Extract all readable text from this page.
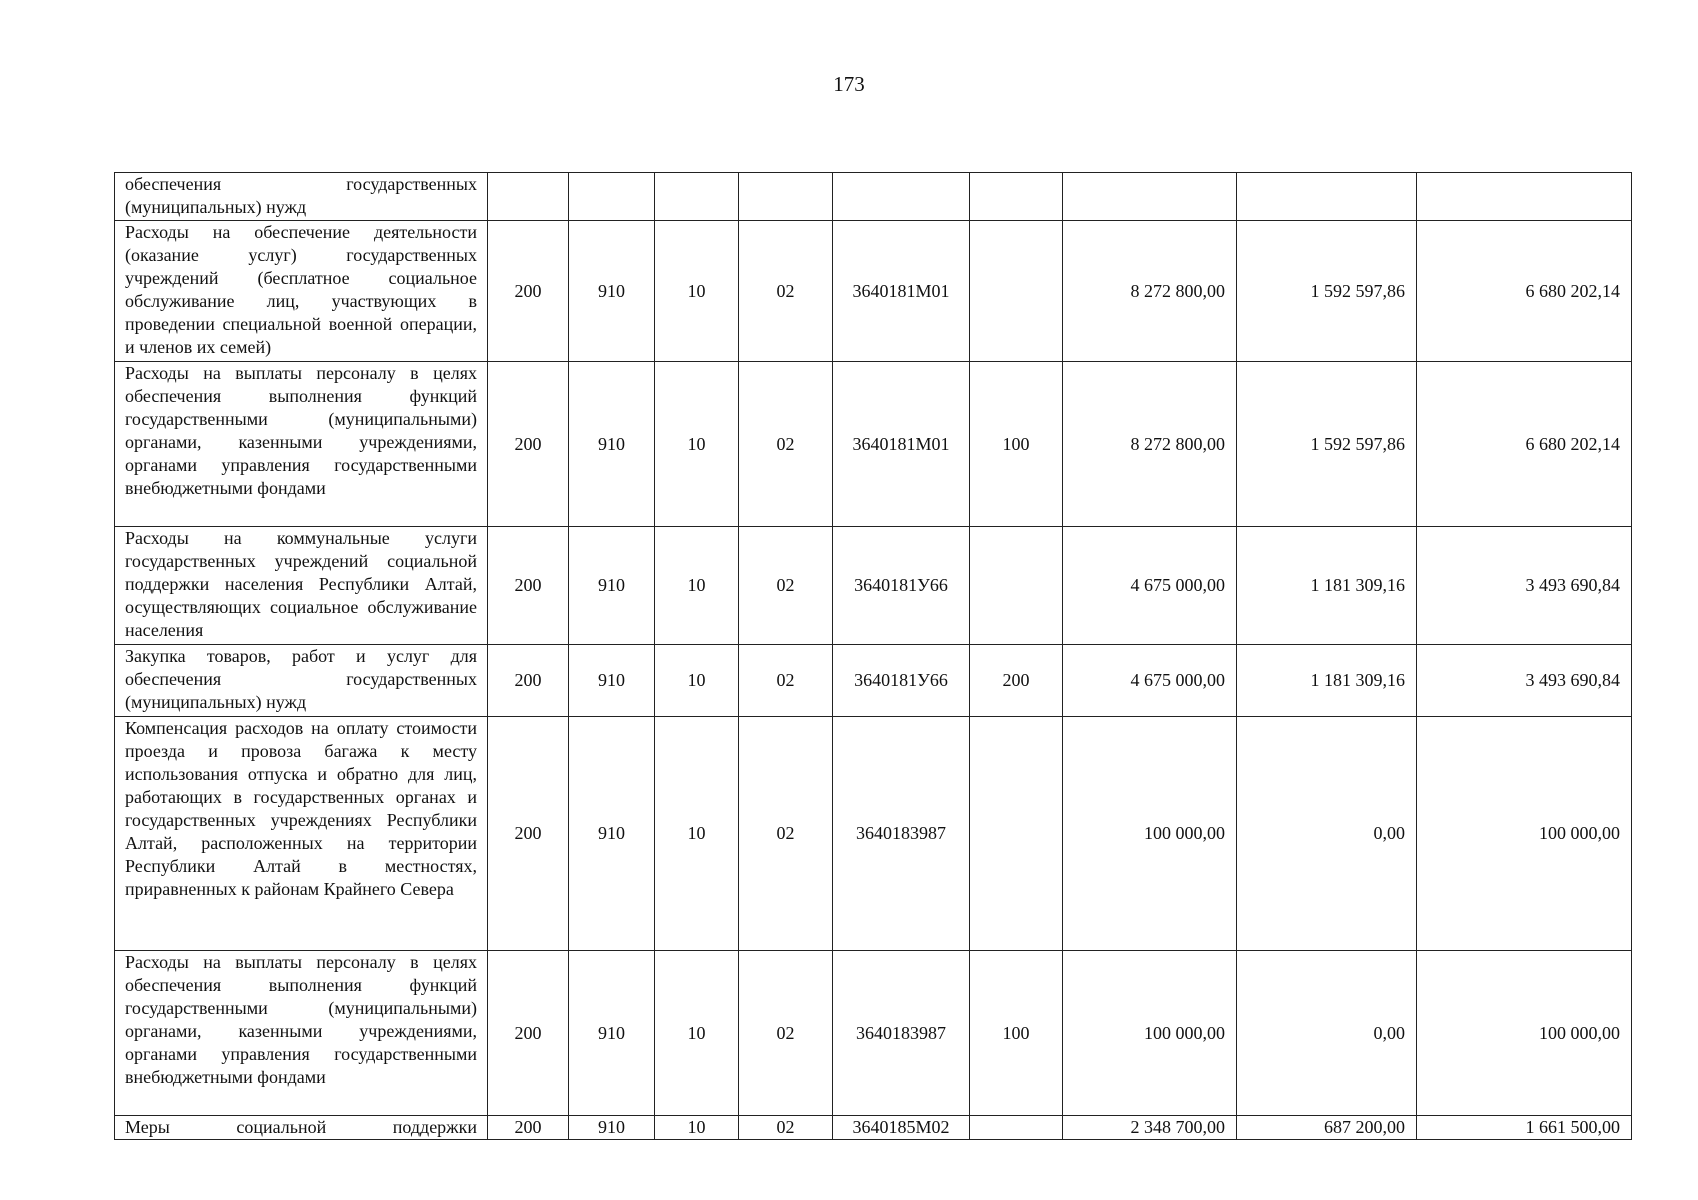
173
обеспечения государственных (муниципальных) нужд									

Расходы на обеспечение деятельности (оказание услуг) государственных учреждений (бесплатное социальное обслуживание лиц, участвующих в проведении специальной военной операции, и членов их семей)	200	910	10	02	3640181М01		8 272 800,00	1 592 597,86	6 680 202,14

Расходы на выплаты персоналу в целях обеспечения выполнения функций государственными (муниципальными) органами, казенными учреждениями, органами управления государственными внебюджетными фондами	200	910	10	02	3640181М01	100	8 272 800,00	1 592 597,86	6 680 202,14

Расходы на коммунальные услуги государственных учреждений социальной поддержки населения Республики Алтай, осуществляющих социальное обслуживание населения	200	910	10	02	3640181У66		4 675 000,00	1 181 309,16	3 493 690,84

Закупка товаров, работ и услуг для обеспечения государственных (муниципальных) нужд	200	910	10	02	3640181У66	200	4 675 000,00	1 181 309,16	3 493 690,84

Компенсация расходов на оплату стоимости проезда и провоза багажа к месту использования отпуска и обратно для лиц, работающих в государственных органах и государственных учреждениях Республики Алтай, расположенных на территории Республики Алтай в местностях, приравненных к районам Крайнего Севера	200	910	10	02	3640183987		100 000,00	0,00	100 000,00

Расходы на выплаты персоналу в целях обеспечения выполнения функций государственными (муниципальными) органами, казенными учреждениями, органами управления государственными внебюджетными фондами	200	910	10	02	3640183987	100	100 000,00	0,00	100 000,00

Меры социальной поддержки	200	910	10	02	3640185М02		2 348 700,00	687 200,00	1 661 500,00
